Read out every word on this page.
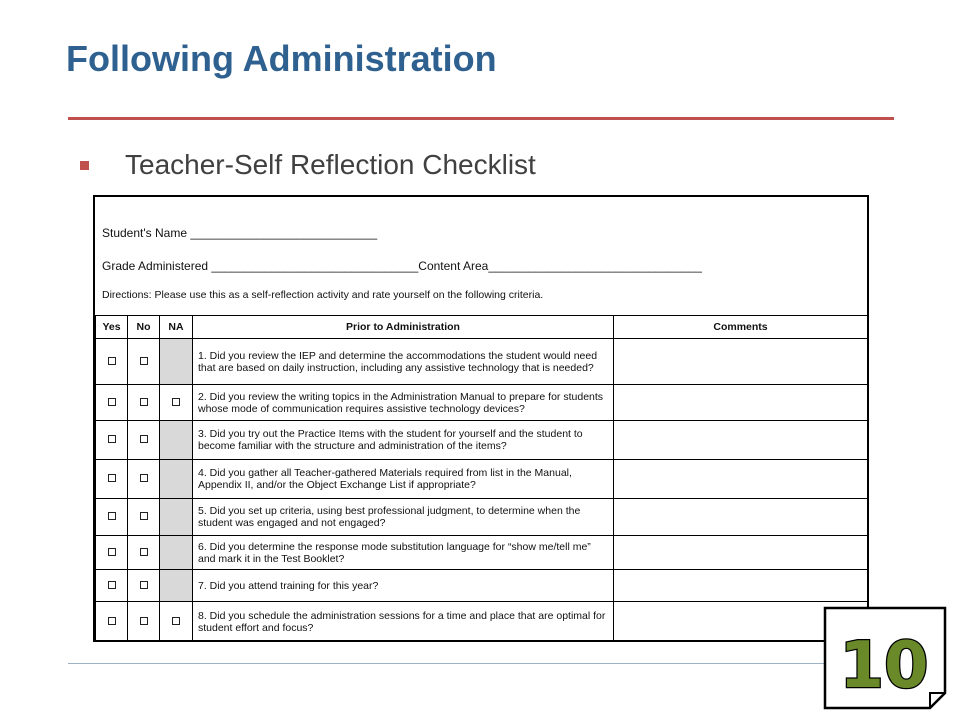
Following Administration
Teacher-Self Reflection Checklist
Student's Name ____________________________
Grade Administered _______________________________Content Area________________________________
Directions: Please use this as a self-reflection activity and rate yourself on the following criteria.
Yes	No	NA	Prior to Administration	Comments
			1. Did you review the IEP and determine the accommodations the student would need that are based on daily instruction, including any assistive technology that is needed?	
			2. Did you review the writing topics in the Administration Manual to prepare for students whose mode of communication requires assistive technology devices?	
			3. Did you try out the Practice Items with the student for yourself and the student to become familiar with the structure and administration of the items?	
			4. Did you gather all Teacher-gathered Materials required from list in the Manual, Appendix II, and/or the Object Exchange List if appropriate?	
			5. Did you set up criteria, using best professional judgment, to determine when the student was engaged and not engaged?	
			6. Did you determine the response mode substitution language for “show me/tell me” and mark it in the Test Booklet?	
			7. Did you attend training for this year?	
			8. Did you schedule the administration sessions for a time and place that are optimal for student effort and focus?	
10
